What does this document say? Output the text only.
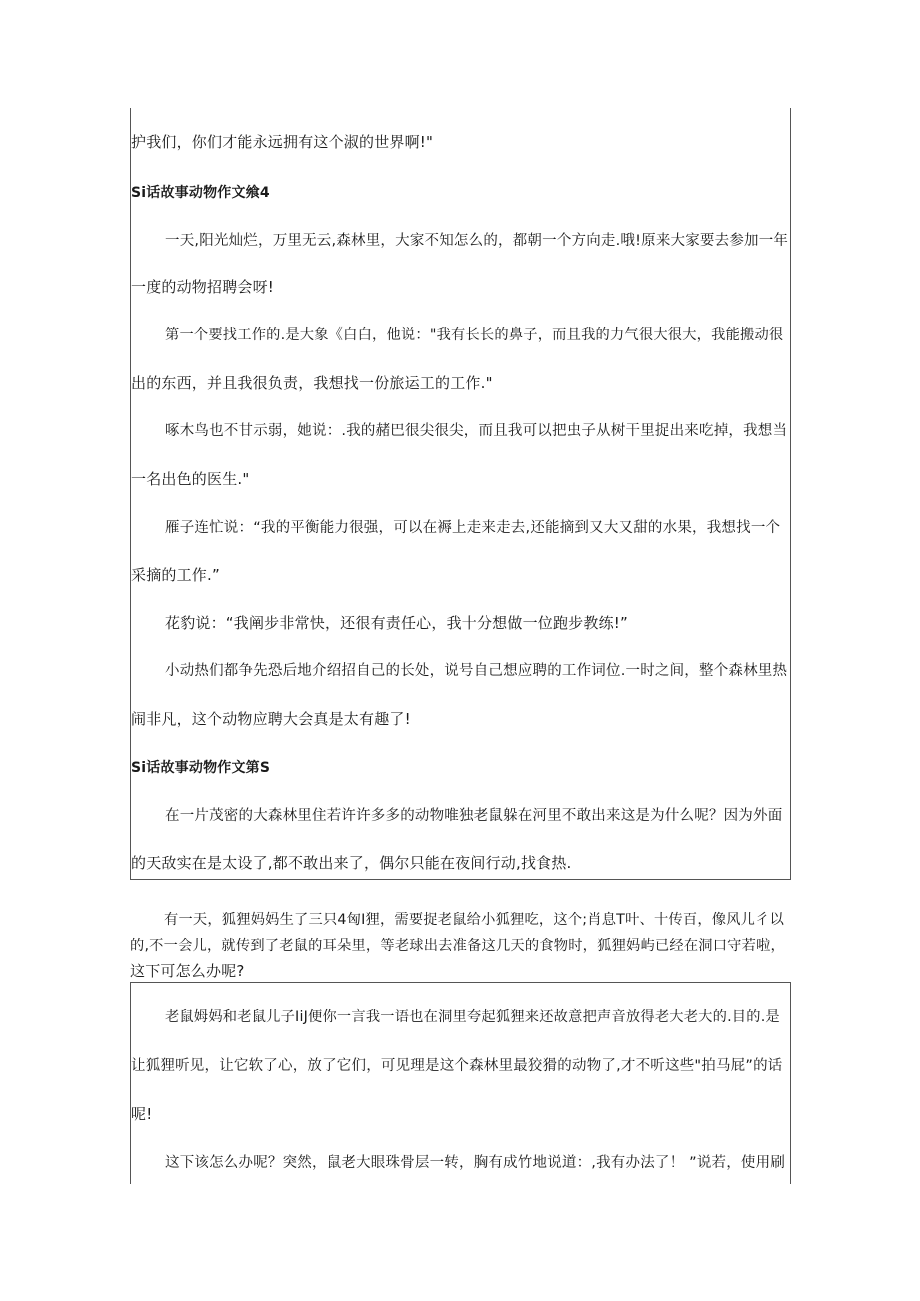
护我们，你们才能永远拥有这个淑的世界啊!"

Si话故事动物作文飨4

一天,阳光灿烂，万里无云,森林里，大家不知怎么的，都朝一个方向走.哦!原来大家要去参加一年

一度的动物招聘会呀!

第一个要找工作的.是大象《白白，他说："我有长长的鼻子，而且我的力气很大很大，我能搬动很

出的东西，并且我很负责，我想找一份旅运工的工作."

啄木鸟也不甘示弱，她说：.我的赭巴很尖很尖，而且我可以把虫子从树干里捉出来吃掉，我想当

一名出色的医生."

雁子连忙说：“我的平衡能力很强，可以在褥上走来走去,还能摘到又大又甜的水果，我想找一个

采摘的工作.”

花豹说：“我阐步非常快，还很有责任心，我十分想做一位跑步教练!”

小动热们都争先恐后地介绍招自己的长处，说号自己想应聘的工作词位.一时之间，整个森林里热

闹非凡，这个动物应聘大会真是太有趣了!

Si话故事动物作文第S

在一片茂密的大森林里住若许许多多的动物唯独老鼠躲在河里不敢出来这是为什么呢？因为外面

的天敌实在是太设了,都不敢出来了，偶尔只能在夜间行动,找食热.

有一天，狐狸妈妈生了三只4匈I狸，需要捉老鼠给小狐狸吃，这个;肖息T叶、十传百，像风儿彳以

的,不一会儿，就传到了老鼠的耳朵里，等老球出去准备这几天的食物时，狐狸妈屿已经在洞口守若啦，

这下可怎么办呢?

老鼠姆妈和老鼠儿子IiJ便你一言我一语也在洞里夸起狐狸来还故意把声音放得老大老大的.目的.是

让狐狸听见，让它软了心，放了它们，可见理是这个森林里最狡猾的动物了,才不听这些"拍马屁”的话

呢!

这下该怎么办呢？突然，鼠老大眼珠骨层一转，胸有成竹地说道：,我有办法了！ ”说若，使用刷
